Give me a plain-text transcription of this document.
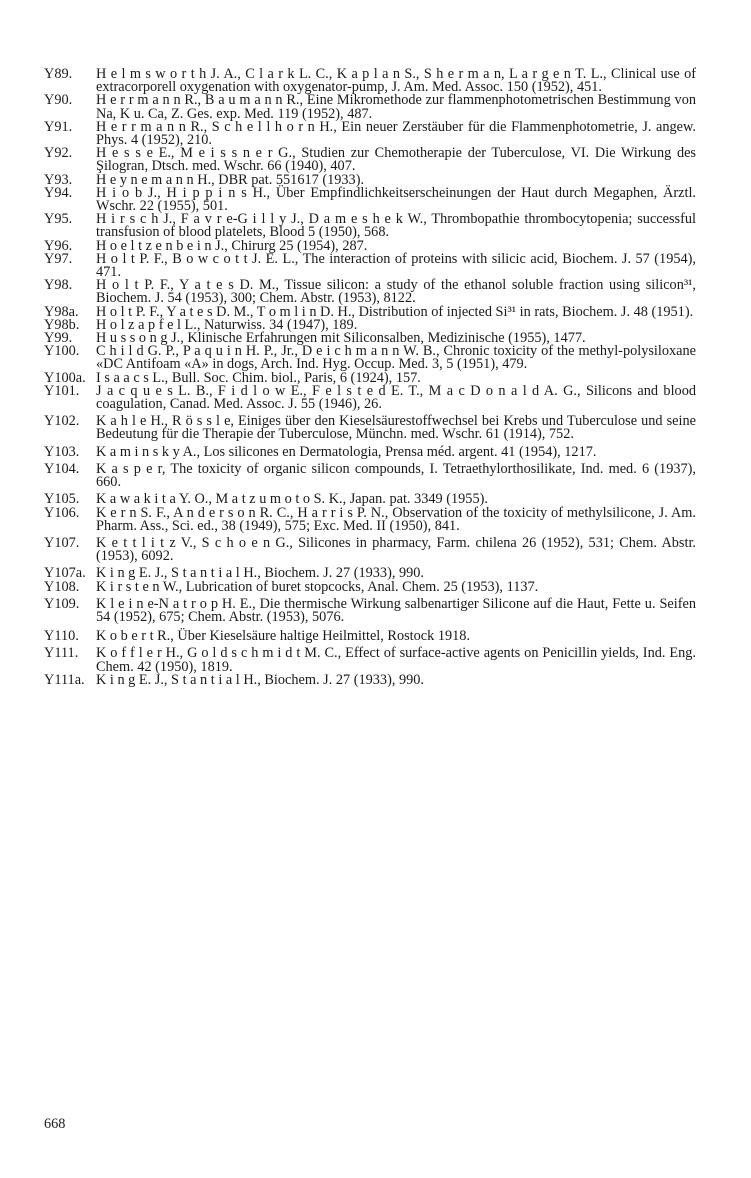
Y89.	H e l m s w o r t h J. A., C l a r k L. C., K a p l a n S., S h e r m a n, L a r g e n T. L., Clinical use of extracorporell oxygenation with oxygenator-pump, J. Am. Med. Assoc. 150 (1952), 451.
Y90.	H e r r m a n n R., B a u m a n n R., Eine Mikromethode zur flammenphotometrischen Bestimmung von Na, K u. Ca, Z. Ges. exp. Med. 119 (1952), 487.
Y91.	H e r r m a n n R., S c h e l l h o r n H., Ein neuer Zerstäuber für die Flammenphotometrie, J. angew. Phys. 4 (1952), 210.
Y92.	H e s s e E., M e i s s n e r G., Studien zur Chemotherapie der Tuberculose, VI. Die Wirkung des Şilogran, Dtsch. med. Wschr. 66 (1940), 407.
Y93.	H e y n e m a n n H., DBR pat. 551617 (1933).
Y94.	H i o b J., H i p p i n s H., Über Empfindlichkeitserscheinungen der Haut durch Megaphen, Ärztl. Wschr. 22 (1955), 501.
Y95.	H i r s c h J., F a v r e-G i l l y J., D a m e s h e k W., Thrombopathie thrombocytopenia; successful transfusion of blood platelets, Blood 5 (1950), 568.
Y96.	H o e l t z e n b e i n J., Chirurg 25 (1954), 287.
Y97.	H o l t P. F., B o w c o t t J. E. L., The interaction of proteins with silicic acid, Biochem. J. 57 (1954), 471.
Y98.	H o l t P. F., Y a t e s D. M., Tissue silicon: a study of the ethanol soluble fraction using silicon³¹, Biochem. J. 54 (1953), 300; Chem. Abstr. (1953), 8122.
Y98a.	H o l t P. F., Y a t e s D. M., T o m l i n D. H., Distribution of injected Si³¹ in rats, Biochem. J. 48 (1951).
Y98b.	H o l z a p f e l L., Naturwiss. 34 (1947), 189.
Y99.	H u s s o n g J., Klinische Erfahrungen mit Siliconsalben, Medizinische (1955), 1477.
Y100.	C h i l d G. P., P a q u i n H. P., Jr., D e i c h m a n n W. B., Chronic toxicity of the methyl-polysiloxane «DC Antifoam «A» in dogs, Arch. Ind. Hyg. Occup. Med. 3, 5 (1951), 479.
Y100a. I s a a c s L., Bull. Soc. Chim. biol., Paris, 6 (1924), 157.
Y101.	J a c q u e s L. B., F i d l o w E., F e l s t e d E. T., M a c D o n a l d A. G., Silicons and blood coagulation, Canad. Med. Assoc. J. 55 (1946), 26.
Y102.	K a h l e H., R ö s s l e, Einiges über den Kieselsäurestoffwechsel bei Krebs und Tuberculose und seine Bedeutung für die Therapie der Tuberculose, Münchn. med. Wschr. 61 (1914), 752.
Y103.	K a m i n s k y A., Los silicones en Dermatologia, Prensa méd. argent. 41 (1954), 1217.
Y104.	K a s p e r, The toxicity of organic silicon compounds, I. Tetraethylorthosilikate, Ind. med. 6 (1937), 660.
Y105.	K a w a k i t a Y. O., M a t z u m o t o S. K., Japan. pat. 3349 (1955).
Y106.	K e r n S. F., A n d e r s o n R. C., H a r r i s P. N., Observation of the toxicity of methylsilicone, J. Am. Pharm. Ass., Sci. ed., 38 (1949), 575; Exc. Med. II (1950), 841.
Y107.	K e t t l i t z V., S c h o e n G., Silicones in pharmacy, Farm. chilena 26 (1952), 531; Chem. Abstr. (1953), 6092.
Y107a. K i n g E. J., S t a n t i a l H., Biochem. J. 27 (1933), 990.
Y108.	K i r s t e n W., Lubrication of buret stopcocks, Anal. Chem. 25 (1953), 1137.
Y109.	K l e i n e-N a t r o p H. E., Die thermische Wirkung salbenartiger Silicone auf die Haut, Fette u. Seifen 54 (1952), 675; Chem. Abstr. (1953), 5076.
Y110.	K o b e r t R., Über Kieselsäure haltige Heilmittel, Rostock 1918.
Y111.	K o f f l e r H., G o l d s c h m i d t M. C., Effect of surface-active agents on Penicillin yields, Ind. Eng. Chem. 42 (1950), 1819.
Y111a. K i n g E. J., S t a n t i a l H., Biochem. J. 27 (1933), 990.
668
